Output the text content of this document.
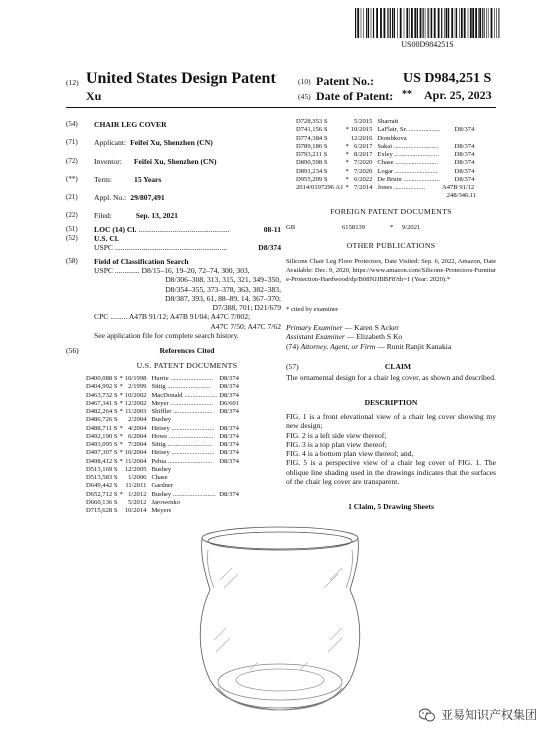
US00D984251S
(12) United States Design Patent
Xu
(10) Patent No.: US D984,251 S
(45) Date of Patent: ** Apr. 25, 2023
(54)	CHAIR LEG COVER
(71)	Applicant: Feifei Xu, Shenzhen (CN)
(72)	Inventor: Feifei Xu, Shenzhen (CN)
(**)	Term:	15 Years
(21)	Appl. No.: 29/807,491
(22)	Filed:	Sep. 13, 2021
(51)	LOC (14) Cl. ................................................	08-11
(52)	U.S. Cl.
USPC ...........................................................	D8/374
(58)	Field of Classification Search
USPC ............. D8/15–16, 19–20, 72–74, 300, 303,
D8/306–308, 313, 315, 321, 349–350,
D8/354–355, 373–378, 363, 382–383,
D8/387, 393, 61, 88–89, 14, 367–370;
D7/388, 701; D21/679
CPC ......... A47B 91/12; A47B 91/04; A47C 7/002;
A47C 7/50; A47C 7/62
See application file for complete search history.
(56)	References Cited
U.S. PATENT DOCUMENTS
D400,088 S	*	10/1998	Hurrie ..........................	D8/374
D404,992 S	*	2/1999	Sittig ..........................	D8/374
D463,732 S	*	10/2002	MacDonald ....................	D8/374
D467,341 S	*	12/2002	Meyer ..........................	D6/601
D482,264 S	*	11/2003	Shiffler ........................	D8/374
D486,726 S		2/2004	Bushey	
D488,711 S	*	4/2004	Heisey ..........................	D8/374
D492,190 S	*	6/2004	Howe ...........................	D8/374
D493,095 S	*	7/2004	Sittig ...........................	D8/374
D497,307 S	*	10/2004	Heisey ..........................	D8/374
D498,412 S	*	11/2004	Pehta ...........................	D8/374
D513,169 S		12/2005	Bushey	
D513,583 S		1/2006	Chase	
D649,442 S		11/2011	Gardner	
D652,712 S	*	1/2012	Bushey ..........................	D8/374
D660,136 S		5/2012	Jarowenko	
D715,628 S		10/2014	Meyers	
D728,353 S		5/2015	Sharratt	
D741,156 S	*	10/2015	LaFlair, Sr. ...................	D8/374
D774,384 S		12/2016	Dombkova	
D789,186 S	*	6/2017	Sakai ...........................	D8/374
D793,211 S	*	8/2017	Exley ...........................	D8/374
D890,598 S	*	7/2020	Chase ..........................	D8/374
D891,234 S	*	7/2020	Logar ..........................	D8/374
D955,209 S	*	6/2022	De Bruin ......................	D8/374
2014/0197296 A1	*	7/2014	Jones ...................	A47B 91/12
248/346.11
FOREIGN PATENT DOCUMENTS
GB	6158139	*	9/2021
OTHER PUBLICATIONS
Silicone Chair Leg Floor Protectors, Date Visited: Sep. 6, 2022, Amazon, Date Available: Dec. 9, 2020, https://www.amazon.com/Silicone-Protectors-Furniture-Protection-Hardwood/dp/B08NJJBBF8?th=1 (Year: 2020).*
* cited by examiner
Primary Examiner — Karen S Acker
Assistant Examiner — Elizabeth S Ko
(74) Attorney, Agent, or Firm — Runit Ranjit Kanakia
(57)	CLAIM
The ornamental design for a chair leg cover, as shown and described.
DESCRIPTION
FIG. 1 is a front elevational view of a chair leg cover showing my new design;
FIG. 2 is a left side view thereof;
FIG. 3 is a top plan view thereof;
FIG. 4 is a bottom plan view thereof; and,
FIG. 5 is a perspective view of a chair leg cover of FIG. 1. The oblique line shading used in the drawings indicates that the surfaces of the chair leg cover are transparent.
1 Claim, 5 Drawing Sheets
亚易知识产权集团
